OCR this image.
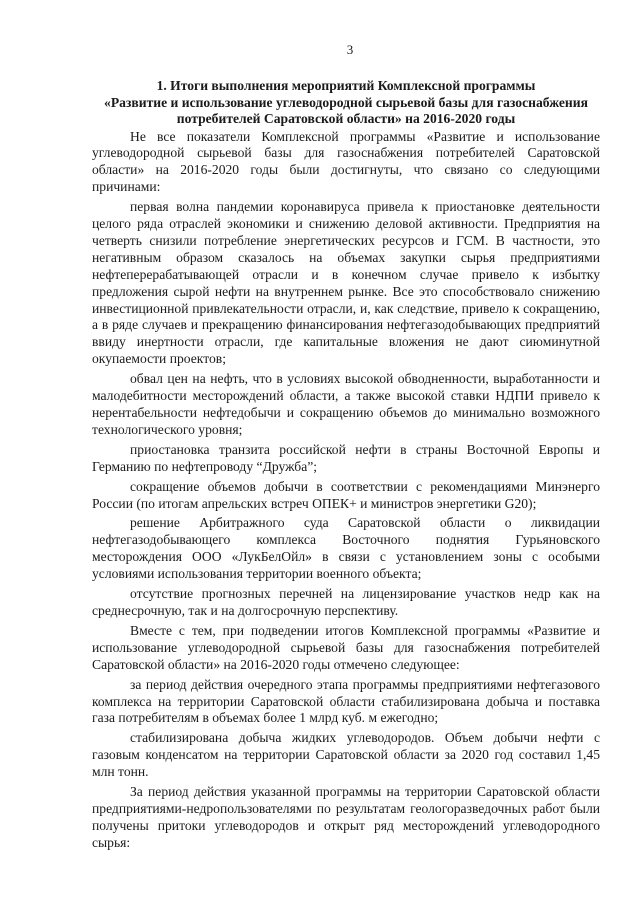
3
1. Итоги выполнения мероприятий Комплексной программы
«Развитие и использование углеводородной сырьевой базы для газоснабжения
потребителей Саратовской области» на 2016-2020 годы

Не все показатели Комплексной программы «Развитие и использование углеводородной сырьевой базы для газоснабжения потребителей Саратовской области» на 2016-2020 годы были достигнуты, что связано со следующими причинами:

первая волна пандемии коронавируса привела к приостановке деятельности целого ряда отраслей экономики и снижению деловой активности. Предприятия на четверть снизили потребление энергетических ресурсов и ГСМ. В частности, это негативным образом сказалось на объемах закупки сырья предприятиями нефтеперерабатывающей отрасли и в конечном случае привело к избытку предложения сырой нефти на внутреннем рынке. Все это способствовало снижению инвестиционной привлекательности отрасли, и, как следствие, привело к сокращению, а в ряде случаев и прекращению финансирования нефтегазодобывающих предприятий ввиду инертности отрасли, где капитальные вложения не дают сиюминутной окупаемости проектов;

обвал цен на нефть, что в условиях высокой обводненности, выработанности и малодебитности месторождений области, а также высокой ставки НДПИ привело к нерентабельности нефтедобычи и сокращению объемов до минимально возможного технологического уровня;

приостановка транзита российской нефти в страны Восточной Европы и Германию по нефтепроводу “Дружба”;

сокращение объемов добычи в соответствии с рекомендациями Минэнерго России (по итогам апрельских встреч ОПЕК+ и министров энергетики G20);

решение Арбитражного суда Саратовской области о ликвидации нефтегазодобывающего комплекса Восточного поднятия Гурьяновского месторождения ООО «ЛукБелОйл» в связи с установлением зоны с особыми условиями использования территории военного объекта;

отсутствие прогнозных перечней на лицензирование участков недр как на среднесрочную, так и на долгосрочную перспективу.

Вместе с тем, при подведении итогов Комплексной программы «Развитие и использование углеводородной сырьевой базы для газоснабжения потребителей Саратовской области» на 2016-2020 годы отмечено следующее:

за период действия очередного этапа программы предприятиями нефтегазового комплекса на территории Саратовской области стабилизирована добыча и поставка газа потребителям в объемах более 1 млрд куб. м ежегодно;

стабилизирована добыча жидких углеводородов. Объем добычи нефти с газовым конденсатом на территории Саратовской области за 2020 год составил 1,45 млн тонн.

За период действия указанной программы на территории Саратовской области предприятиями-недропользователями по результатам геологоразведочных работ были получены притоки углеводородов и открыт ряд месторождений углеводородного сырья:
